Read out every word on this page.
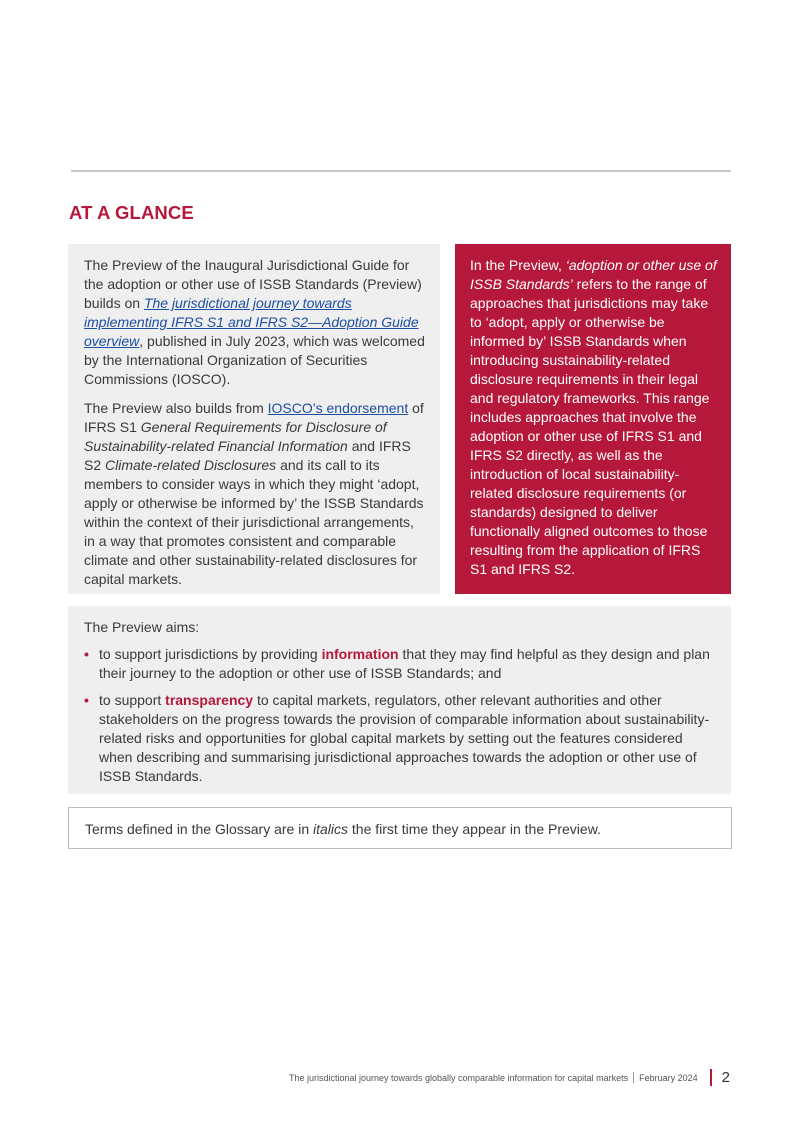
AT A GLANCE

The Preview of the Inaugural Jurisdictional Guide for the adoption or other use of ISSB Standards (Preview) builds on The jurisdictional journey towards implementing IFRS S1 and IFRS S2—Adoption Guide overview, published in July 2023, which was welcomed by the International Organization of Securities Commissions (IOSCO).

The Preview also builds from IOSCO’s endorsement of IFRS S1 General Requirements for Disclosure of Sustainability-related Financial Information and IFRS S2 Climate-related Disclosures and its call to its members to consider ways in which they might ‘adopt, apply or otherwise be informed by’ the ISSB Standards within the context of their jurisdictional arrangements, in a way that promotes consistent and comparable climate and other sustainability-related disclosures for capital markets.

In the Preview, ‘adoption or other use of ISSB Standards’ refers to the range of approaches that jurisdictions may take to ‘adopt, apply or otherwise be informed by’ ISSB Standards when introducing sustainability-related disclosure requirements in their legal and regulatory frameworks. This range includes approaches that involve the adoption or other use of IFRS S1 and IFRS S2 directly, as well as the introduction of local sustainability-related disclosure requirements (or standards) designed to deliver functionally aligned outcomes to those resulting from the application of IFRS S1 and IFRS S2.

The Preview aims:

• to support jurisdictions by providing information that they may find helpful as they design and plan their journey to the adoption or other use of ISSB Standards; and
• to support transparency to capital markets, regulators, other relevant authorities and other stakeholders on the progress towards the provision of comparable information about sustainability-related risks and opportunities for global capital markets by setting out the features considered when describing and summarising jurisdictional approaches towards the adoption or other use of ISSB Standards.
Terms defined in the Glossary are in italics the first time they appear in the Preview.
The jurisdictional journey towards globally comparable information for capital markets February 2024 2
